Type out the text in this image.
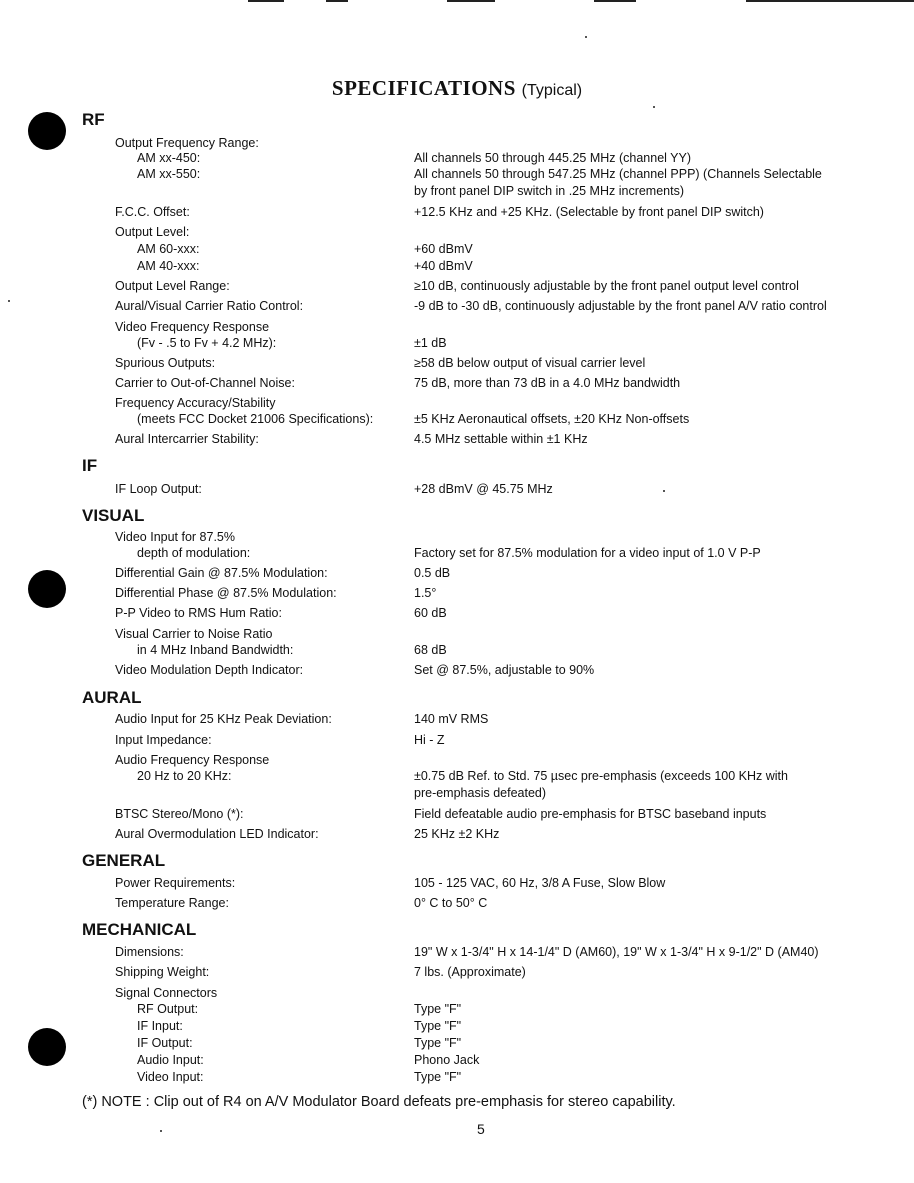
SPECIFICATIONS (Typical)
RF
Output Frequency Range:
AM xx-450:	All channels 50 through 445.25 MHz (channel YY)
AM xx-550:	All channels 50 through 547.25 MHz (channel PPP) (Channels Selectable
by front panel DIP switch in .25 MHz increments)
F.C.C. Offset:	+12.5 KHz and +25 KHz. (Selectable by front panel DIP switch)
Output Level:
AM 60-xxx:	+60 dBmV
AM 40-xxx:	+40 dBmV
Output Level Range:	≥10 dB, continuously adjustable by the front panel output level control
Aural/Visual Carrier Ratio Control:	-9 dB to -30 dB, continuously adjustable by the front panel A/V ratio control
Video Frequency Response
(Fv - .5 to Fv + 4.2 MHz):	±1 dB
Spurious Outputs:	≥58 dB below output of visual carrier level
Carrier to Out-of-Channel Noise:	75 dB, more than 73 dB in a 4.0 MHz bandwidth
Frequency Accuracy/Stability
(meets FCC Docket 21006 Specifications):	±5 KHz Aeronautical offsets, ±20 KHz Non-offsets
Aural Intercarrier Stability:	4.5 MHz settable within ±1 KHz
IF
IF Loop Output:	+28 dBmV @ 45.75 MHz
VISUAL
Video Input for 87.5%
depth of modulation:	Factory set for 87.5% modulation for a video input of 1.0 V P-P
Differential Gain @ 87.5% Modulation:	0.5 dB
Differential Phase @ 87.5% Modulation:	1.5°
P-P Video to RMS Hum Ratio:	60 dB
Visual Carrier to Noise Ratio
in 4 MHz Inband Bandwidth:	68 dB
Video Modulation Depth Indicator:	Set @ 87.5%, adjustable to 90%
AURAL
Audio Input for 25 KHz Peak Deviation:	140 mV RMS
Input Impedance:	Hi - Z
Audio Frequency Response
20 Hz to 20 KHz:	±0.75 dB Ref. to Std. 75 µsec pre-emphasis (exceeds 100 KHz with
pre-emphasis defeated)
BTSC Stereo/Mono (*):	Field defeatable audio pre-emphasis for BTSC baseband inputs
Aural Overmodulation LED Indicator:	25 KHz ±2 KHz
GENERAL
Power Requirements:	105 - 125 VAC, 60 Hz, 3/8 A Fuse, Slow Blow
Temperature Range:	0° C to 50° C
MECHANICAL
Dimensions:	19" W x 1-3/4" H x 14-1/4" D (AM60), 19" W x 1-3/4" H x 9-1/2" D (AM40)
Shipping Weight:	7 lbs. (Approximate)
Signal Connectors
RF Output:	Type "F"
IF Input:	Type "F"
IF Output:	Type "F"
Audio Input:	Phono Jack
Video Input:	Type "F"
(*) NOTE : Clip out of R4 on A/V Modulator Board defeats pre-emphasis for stereo capability.
5
